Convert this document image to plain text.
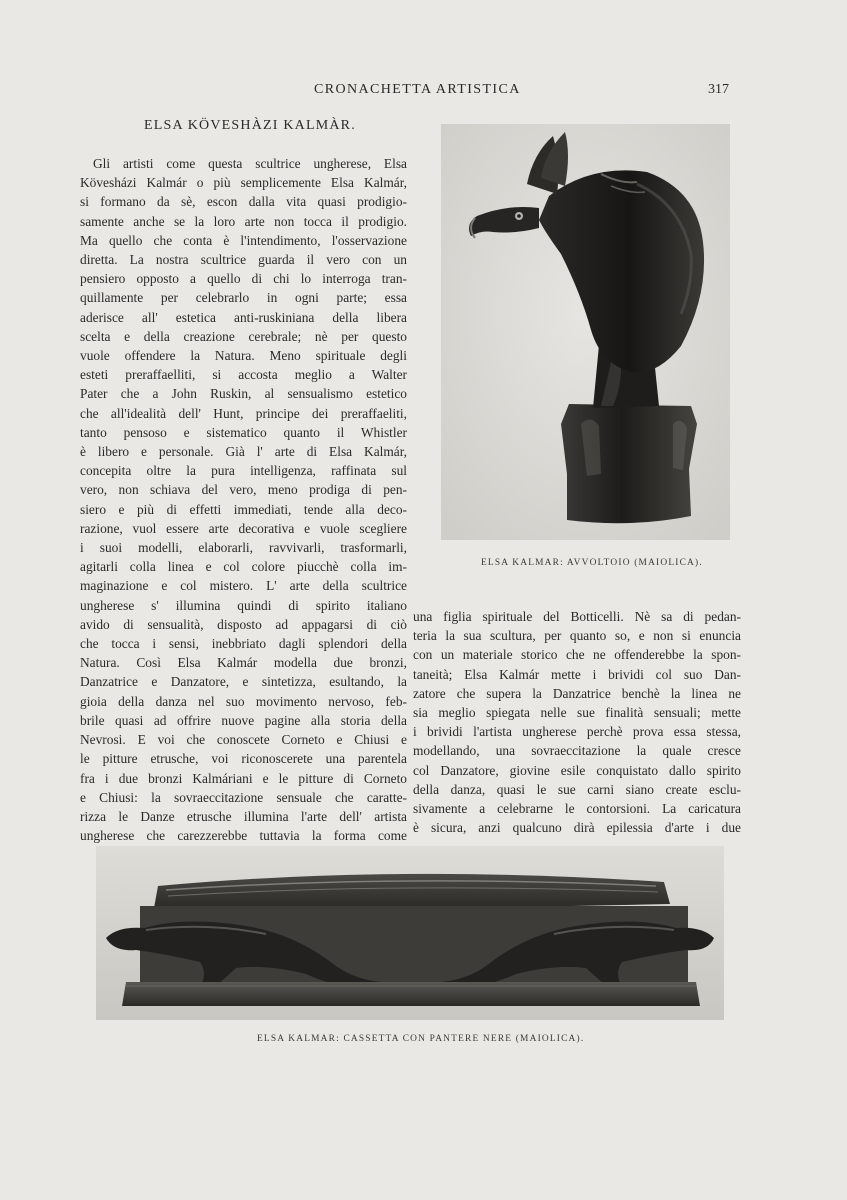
CRONACHETTA ARTISTICA	317
ELSA KÖVESHÀZI KALMÀR.

Gli artisti come questa scultrice ungherese, Elsa

Kövesházi Kalmár o più semplicemente Elsa Kalmár,

si formano da sè, escon dalla vita quasi prodigio-

samente anche se la loro arte non tocca il prodigio.

Ma quello che conta è l'intendimento, l'osservazione

diretta. La nostra scultrice guarda il vero con un

pensiero opposto a quello di chi lo interroga tran-

quillamente per celebrarlo in ogni parte; essa

aderisce all' estetica anti-ruskiniana della libera

scelta e della creazione cerebrale; nè per questo

vuole offendere la Natura. Meno spirituale degli

esteti preraffaelliti, si accosta meglio a Walter

Pater che a John Ruskin, al sensualismo estetico

che all'idealità dell' Hunt, principe dei preraffaeliti,

tanto pensoso e sistematico quanto il Whistler

è libero e personale. Già l' arte di Elsa Kalmár,

concepita oltre la pura intelligenza, raffinata sul

vero, non schiava del vero, meno prodiga di pen-

siero e più di effetti immediati, tende alla deco-

razione, vuol essere arte decorativa e vuole scegliere

i suoi modelli, elaborarli, ravvivarli, trasformarli,

agitarli colla linea e col colore piucchè colla im-

maginazione e col mistero. L' arte della scultrice

ungherese s' illumina quindi di spirito italiano

avido di sensualità, disposto ad appagarsi di ciò

che tocca i sensi, inebbriato dagli splendori della

Natura. Così Elsa Kalmár modella due bronzi,

Danzatrice e Danzatore, e sintetizza, esultando, la

gioia della danza nel suo movimento nervoso, feb-

brile quasi ad offrire nuove pagine alla storia della

Nevrosi. E voi che conoscete Corneto e Chiusi e

le pitture etrusche, voi riconoscerete una parentela

fra i due bronzi Kalmáriani e le pitture di Corneto

e Chiusi: la sovraeccitazione sensuale che caratte-

rizza le Danze etrusche illumina l'arte dell' artista

ungherese che carezzerebbe tuttavia la forma come

ELSA KALMAR: AVVOLTOIO (MAIOLICA).

una figlia spirituale del Botticelli. Nè sa di pedan-

teria la sua scultura, per quanto so, e non si enuncia

con un materiale storico che ne offenderebbe la spon-

taneità; Elsa Kalmár mette i brividi col suo Dan-

zatore che supera la Danzatrice benchè la linea ne

sia meglio spiegata nelle sue finalità sensuali; mette

i brividi l'artista ungherese perchè prova essa stessa,

modellando, una sovraeccitazione la quale cresce

col Danzatore, giovine esile conquistato dallo spirito

della danza, quasi le sue carni siano create esclu-

sivamente a celebrarne le contorsioni. La caricatura

è sicura, anzi qualcuno dirà epilessia d'arte i due

ELSA KALMAR: CASSETTA CON PANTERE NERE (MAIOLICA).
